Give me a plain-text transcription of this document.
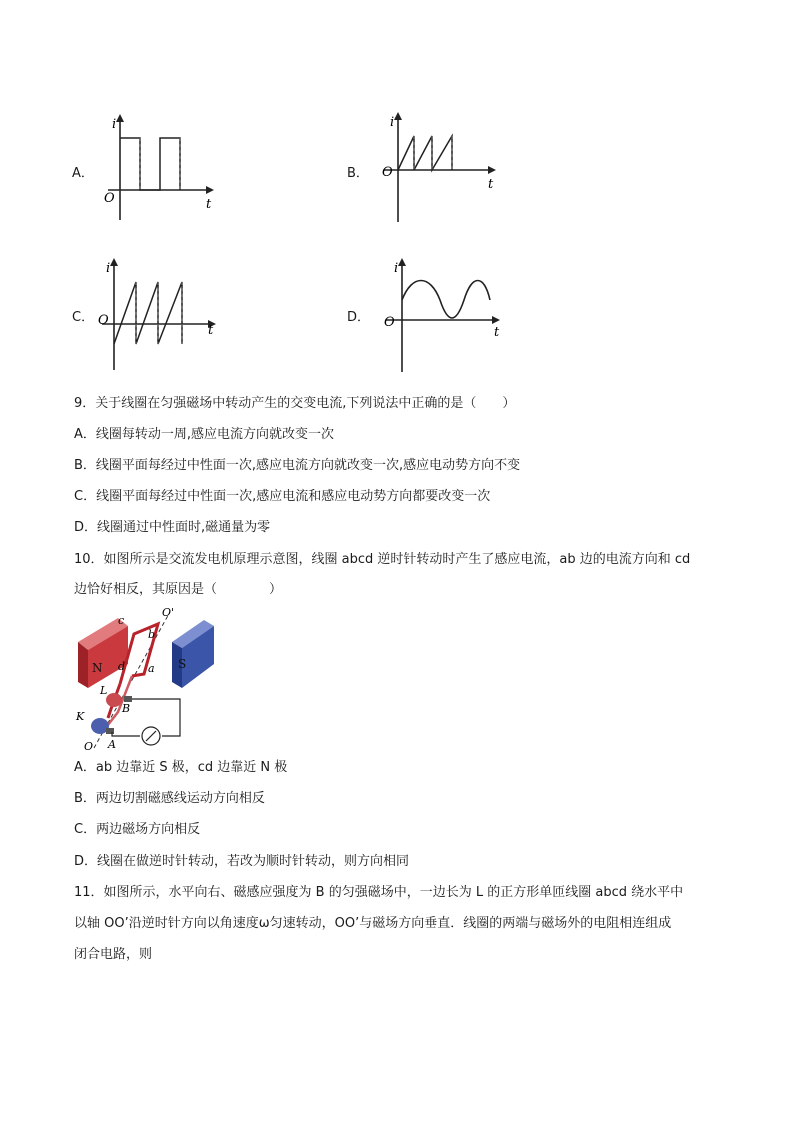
A．
i
O	t
B．
i
O
t
C．
i
O
t
D．
i
O
t
9．关于线圈在匀强磁场中转动产生的交变电流,下列说法中正确的是（　　）
A．线圈每转动一周,感应电流方向就改变一次
B．线圈平面每经过中性面一次,感应电流方向就改变一次,感应电动势方向不变
C．线圈平面每经过中性面一次,感应电流和感应电动势方向都要改变一次
D．线圈通过中性面时,磁通量为零
10．如图所示是交流发电机原理示意图，线圈 abcd 逆时针转动时产生了感应电流，ab 边的电流方向和 cd
边恰好相反，其原因是（　　　　）
N	S
O'
c
b
d a
L
B
K
A
O
A．ab 边靠近 S 极，cd 边靠近 N 极
B．两边切割磁感线运动方向相反
C．两边磁场方向相反
D．线圈在做逆时针转动，若改为顺时针转动，则方向相同
11．如图所示，水平向右、磁感应强度为 B 的匀强磁场中，一边长为 L 的正方形单匝线圈 abcd 绕水平中
以轴 OO’沿逆时针方向以角速度ω匀速转动，OO’与磁场方向垂直．线圈的两端与磁场外的电阻相连组成
闭合电路，则
